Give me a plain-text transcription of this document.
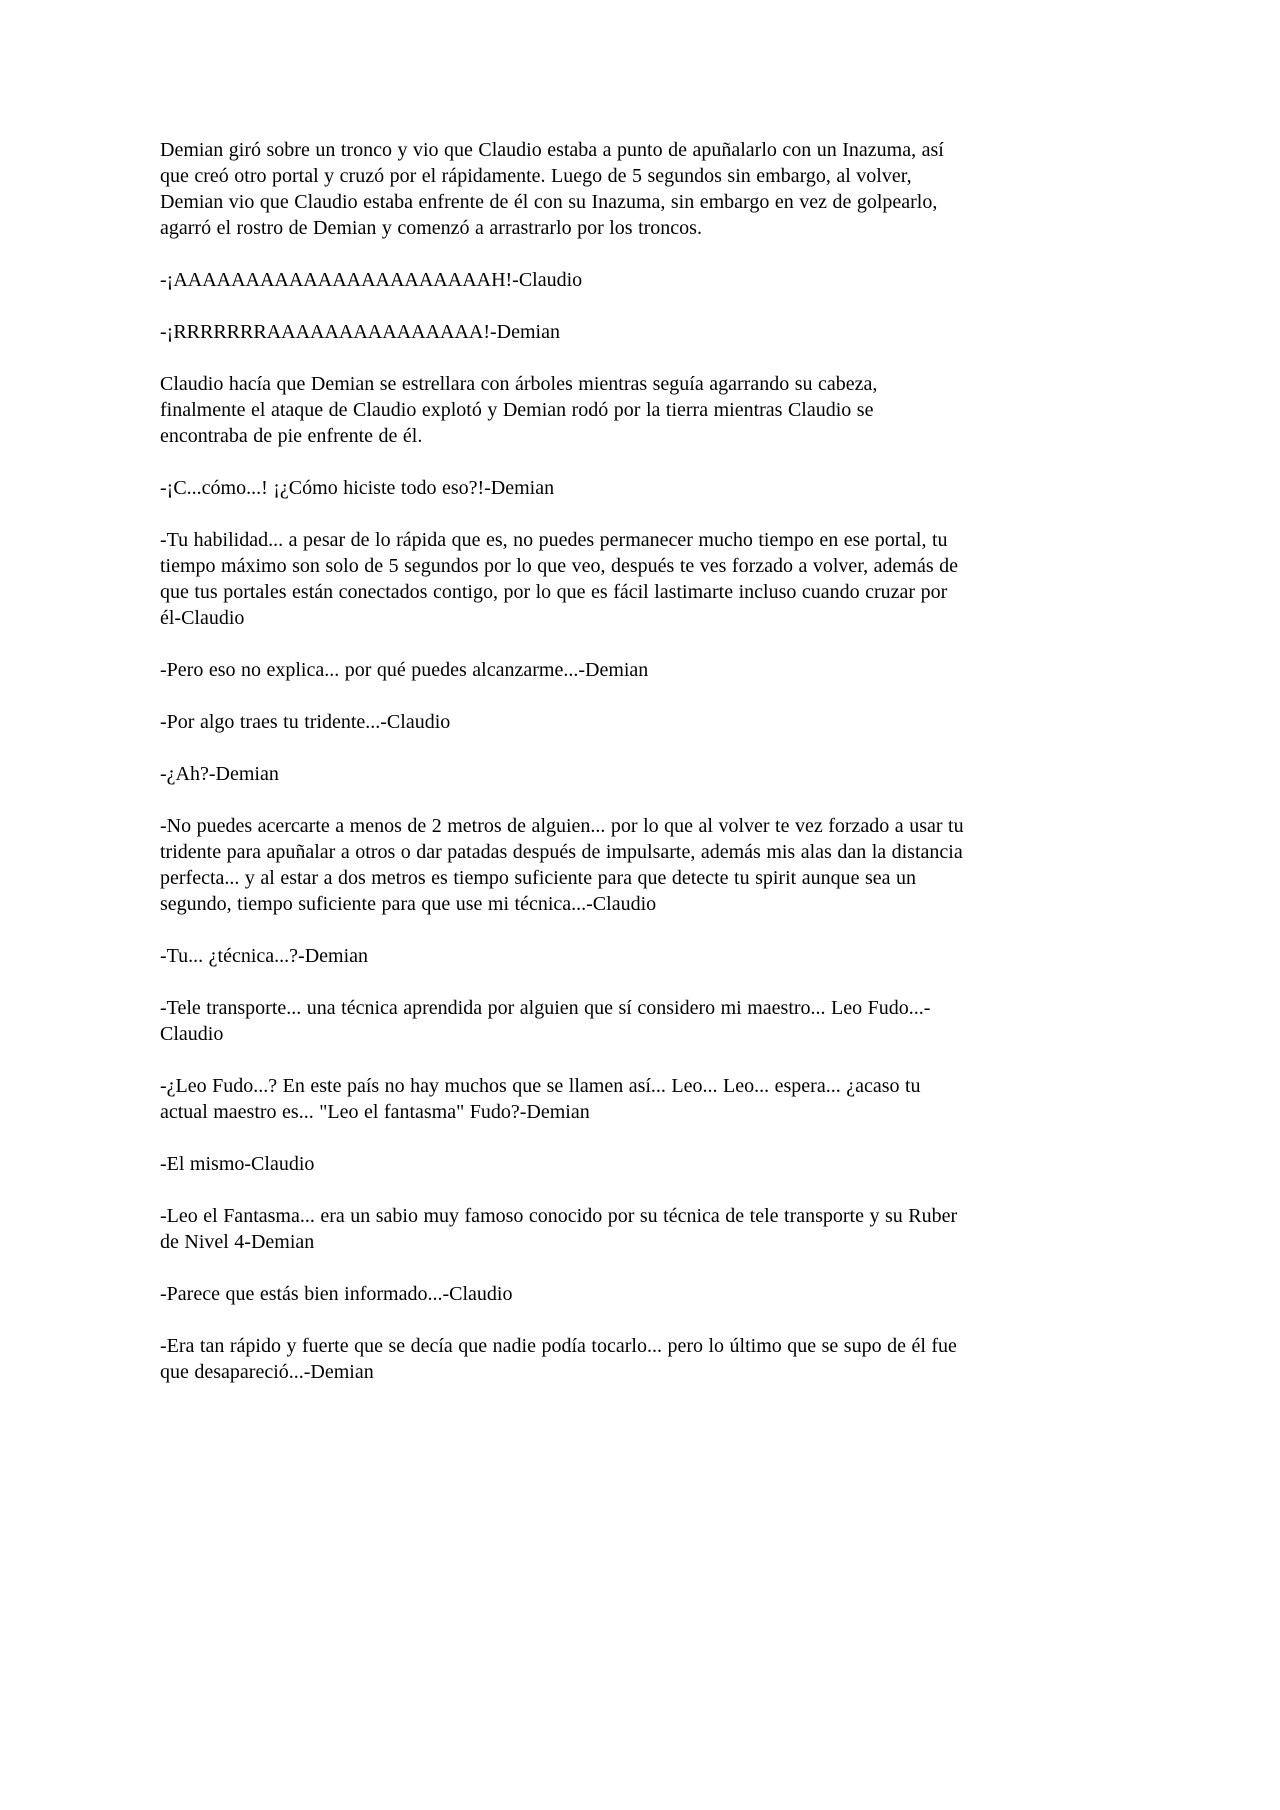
Demian giró sobre un tronco y vio que Claudio estaba a punto de apuñalarlo con un Inazuma, así que creó otro portal y cruzó por el rápidamente. Luego de 5 segundos sin embargo, al volver, Demian vio que Claudio estaba enfrente de él con su Inazuma, sin embargo en vez de golpearlo, agarró el rostro de Demian y comenzó a arrastrarlo por los troncos.

-¡AAAAAAAAAAAAAAAAAAAAAAH!-Claudio

-¡RRRRRRRAAAAAAAAAAAAAAA!-Demian

Claudio hacía que Demian se estrellara con árboles mientras seguía agarrando su cabeza, finalmente el ataque de Claudio explotó y Demian rodó por la tierra mientras Claudio se encontraba de pie enfrente de él.

-¡C...cómo...! ¡¿Cómo hiciste todo eso?!-Demian

-Tu habilidad... a pesar de lo rápida que es, no puedes permanecer mucho tiempo en ese portal, tu tiempo máximo son solo de 5 segundos por lo que veo, después te ves forzado a volver, además de que tus portales están conectados contigo, por lo que es fácil lastimarte incluso cuando cruzar por él-Claudio

-Pero eso no explica... por qué puedes alcanzarme...-Demian

-Por algo traes tu tridente...-Claudio

-¿Ah?-Demian

-No puedes acercarte a menos de 2 metros de alguien... por lo que al volver te vez forzado a usar tu tridente para apuñalar a otros o dar patadas después de impulsarte, además mis alas dan la distancia perfecta... y al estar a dos metros es tiempo suficiente para que detecte tu spirit aunque sea un segundo, tiempo suficiente para que use mi técnica...-Claudio

-Tu... ¿técnica...?-Demian

-Tele transporte... una técnica aprendida por alguien que sí considero mi maestro... Leo Fudo...-Claudio

-¿Leo Fudo...? En este país no hay muchos que se llamen así... Leo... Leo... espera... ¿acaso tu actual maestro es... "Leo el fantasma" Fudo?-Demian

-El mismo-Claudio

-Leo el Fantasma... era un sabio muy famoso conocido por su técnica de tele transporte y su Ruber de Nivel 4-Demian

-Parece que estás bien informado...-Claudio

-Era tan rápido y fuerte que se decía que nadie podía tocarlo... pero lo último que se supo de él fue que desapareció...-Demian
